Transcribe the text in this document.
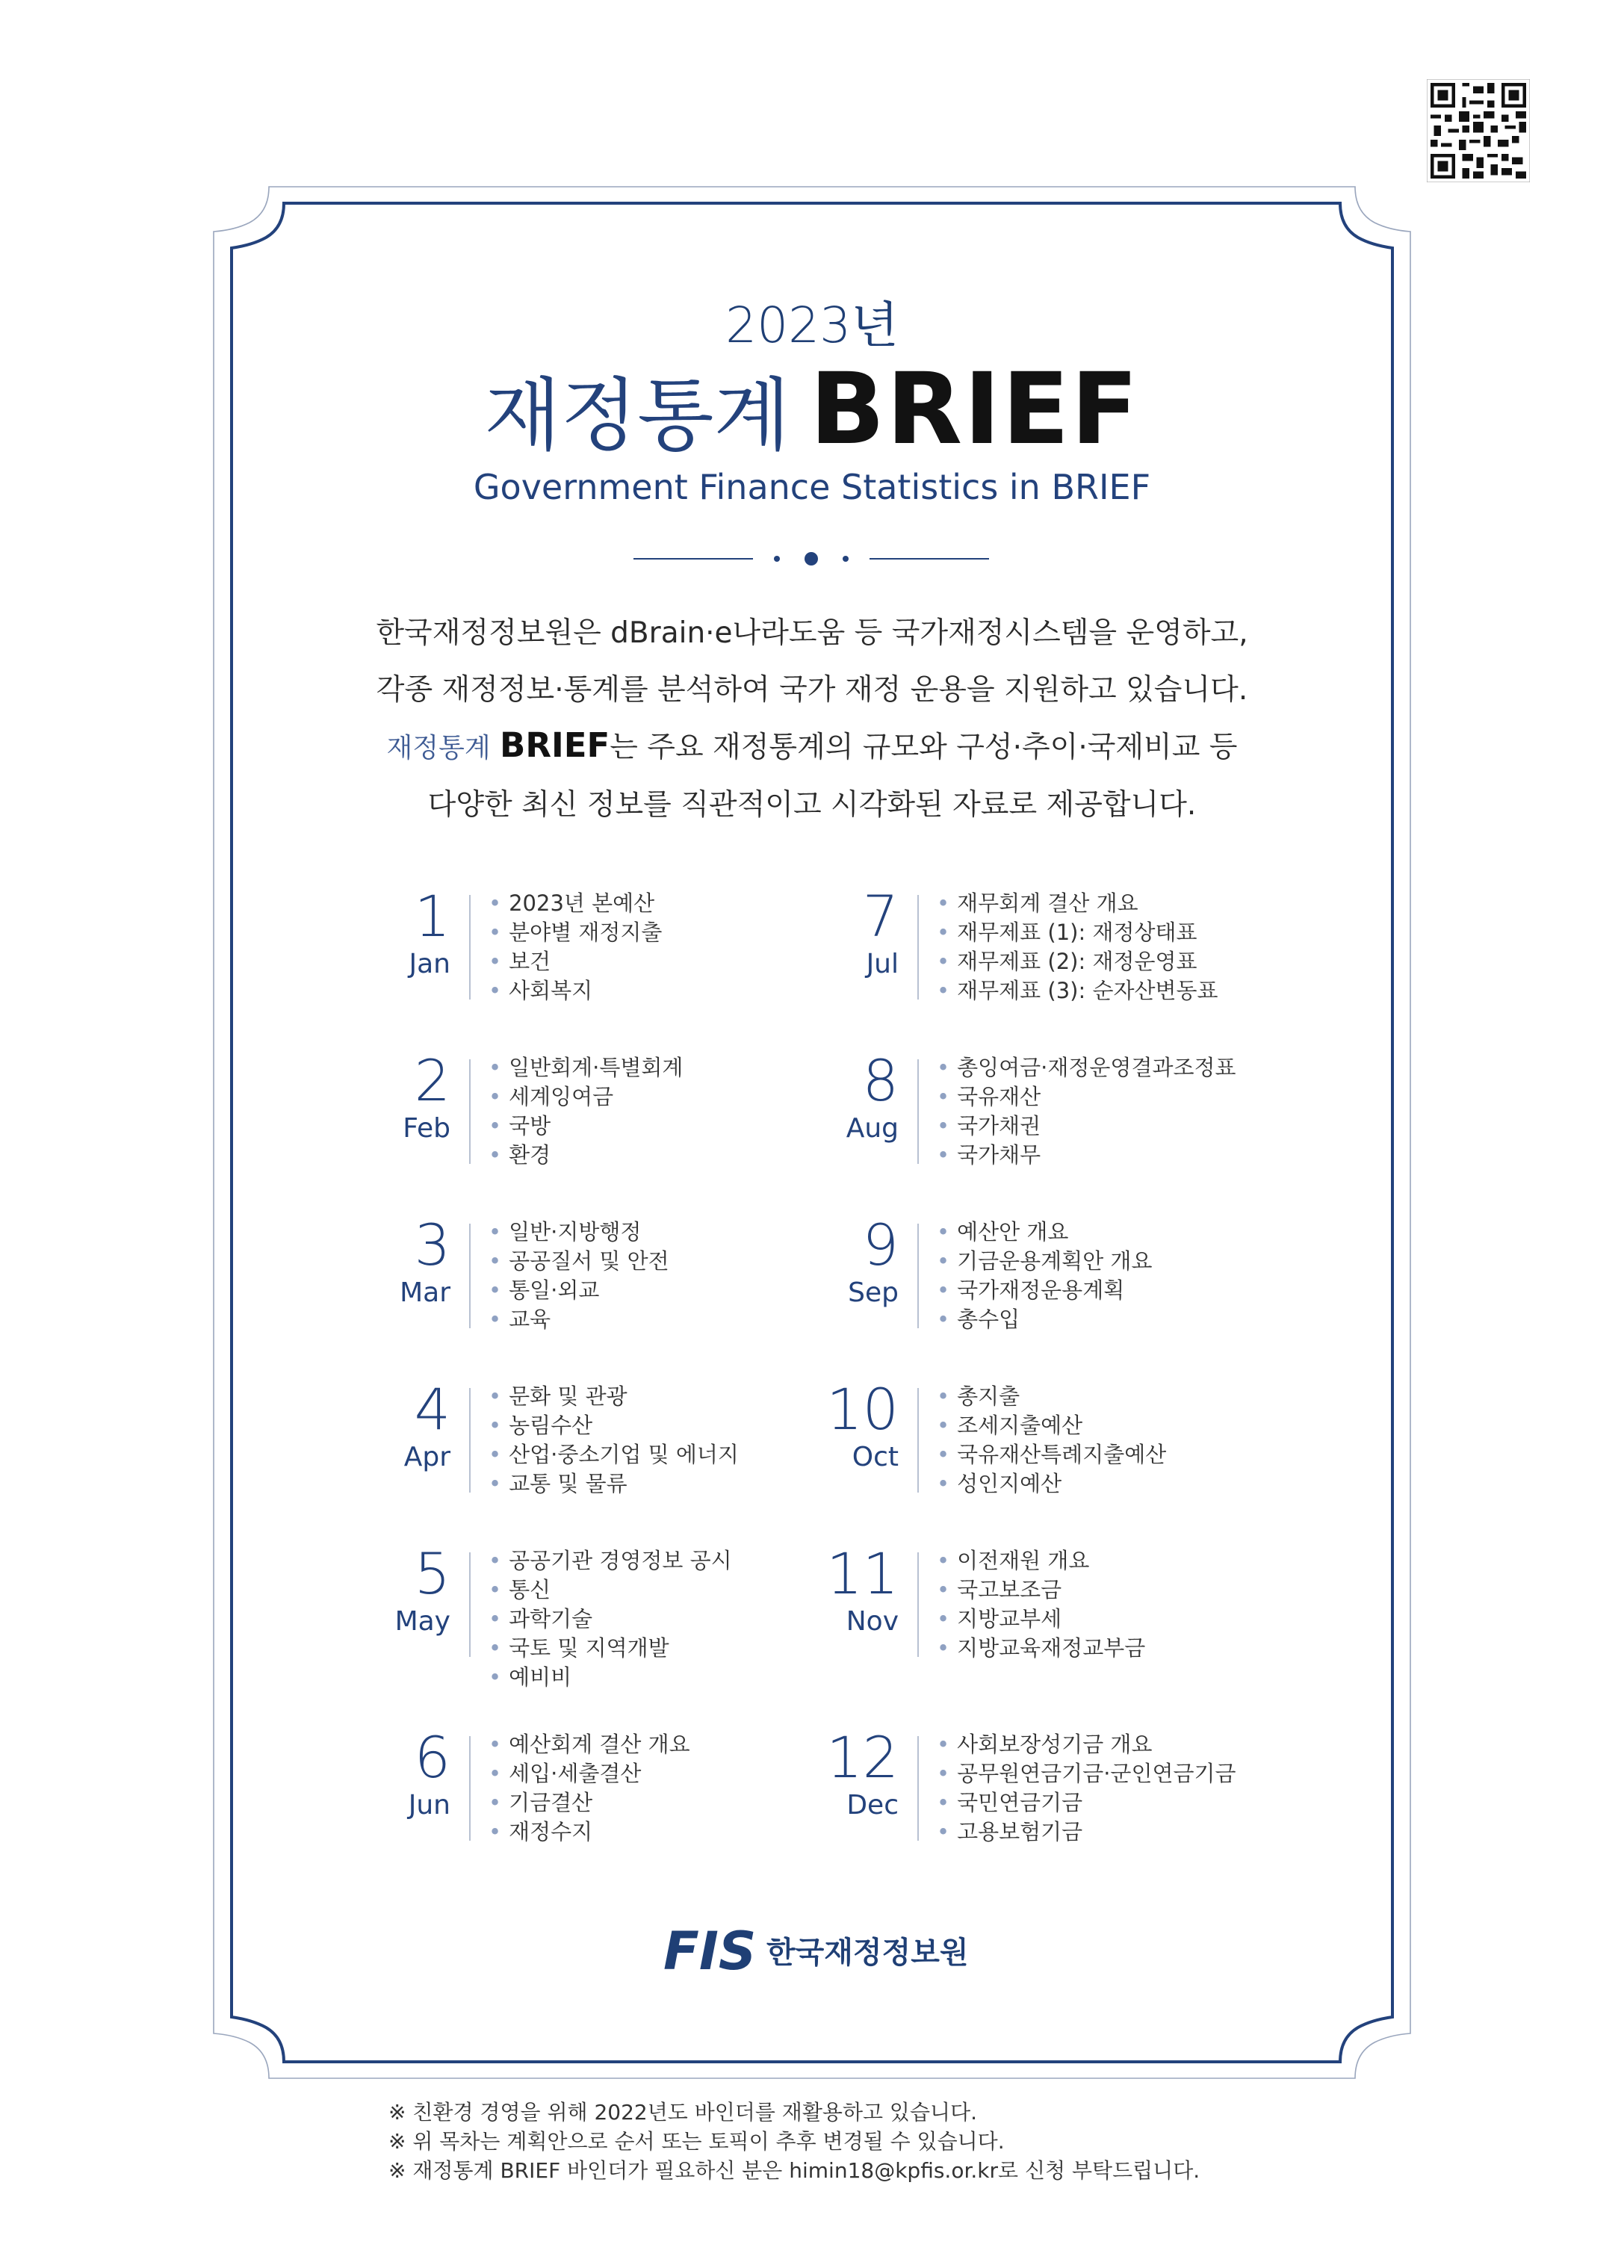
2023년
재정통계 BRIEF
Government Finance Statistics in BRIEF
한국재정정보원은 dBrain·e나라도움 등 국가재정시스템을 운영하고,
각종 재정정보·통계를 분석하여 국가 재정 운용을 지원하고 있습니다.
재정통계 BRIEF는 주요 재정통계의 규모와 구성·추이·국제비교 등
다양한 최신 정보를 직관적이고 시각화된 자료로 제공합니다.
1
Jan
• 2023년 본예산
• 분야별 재정지출
• 보건
• 사회복지
2
Feb
• 일반회계·특별회계
• 세계잉여금
• 국방
• 환경
3
Mar
• 일반·지방행정
• 공공질서 및 안전
• 통일·외교
• 교육
4
Apr
• 문화 및 관광
• 농림수산
• 산업·중소기업 및 에너지
• 교통 및 물류
5
May
• 공공기관 경영정보 공시
• 통신
• 과학기술
• 국토 및 지역개발
• 예비비
6
Jun
• 예산회계 결산 개요
• 세입·세출결산
• 기금결산
• 재정수지
7
Jul
• 재무회계 결산 개요
• 재무제표 (1): 재정상태표
• 재무제표 (2): 재정운영표
• 재무제표 (3): 순자산변동표
8
Aug
• 총잉여금·재정운영결과조정표
• 국유재산
• 국가채권
• 국가채무
9
Sep
• 예산안 개요
• 기금운용계획안 개요
• 국가재정운용계획
• 총수입
10
Oct
• 총지출
• 조세지출예산
• 국유재산특례지출예산
• 성인지예산
11
Nov
• 이전재원 개요
• 국고보조금
• 지방교부세
• 지방교육재정교부금
12
Dec
• 사회보장성기금 개요
• 공무원연금기금·군인연금기금
• 국민연금기금
• 고용보험기금
FIS 한국재정정보원
※ 친환경 경영을 위해 2022년도 바인더를 재활용하고 있습니다.
※ 위 목차는 계획안으로 순서 또는 토픽이 추후 변경될 수 있습니다.
※ 재정통계 BRIEF 바인더가 필요하신 분은 himin18@kpfis.or.kr로 신청 부탁드립니다.
